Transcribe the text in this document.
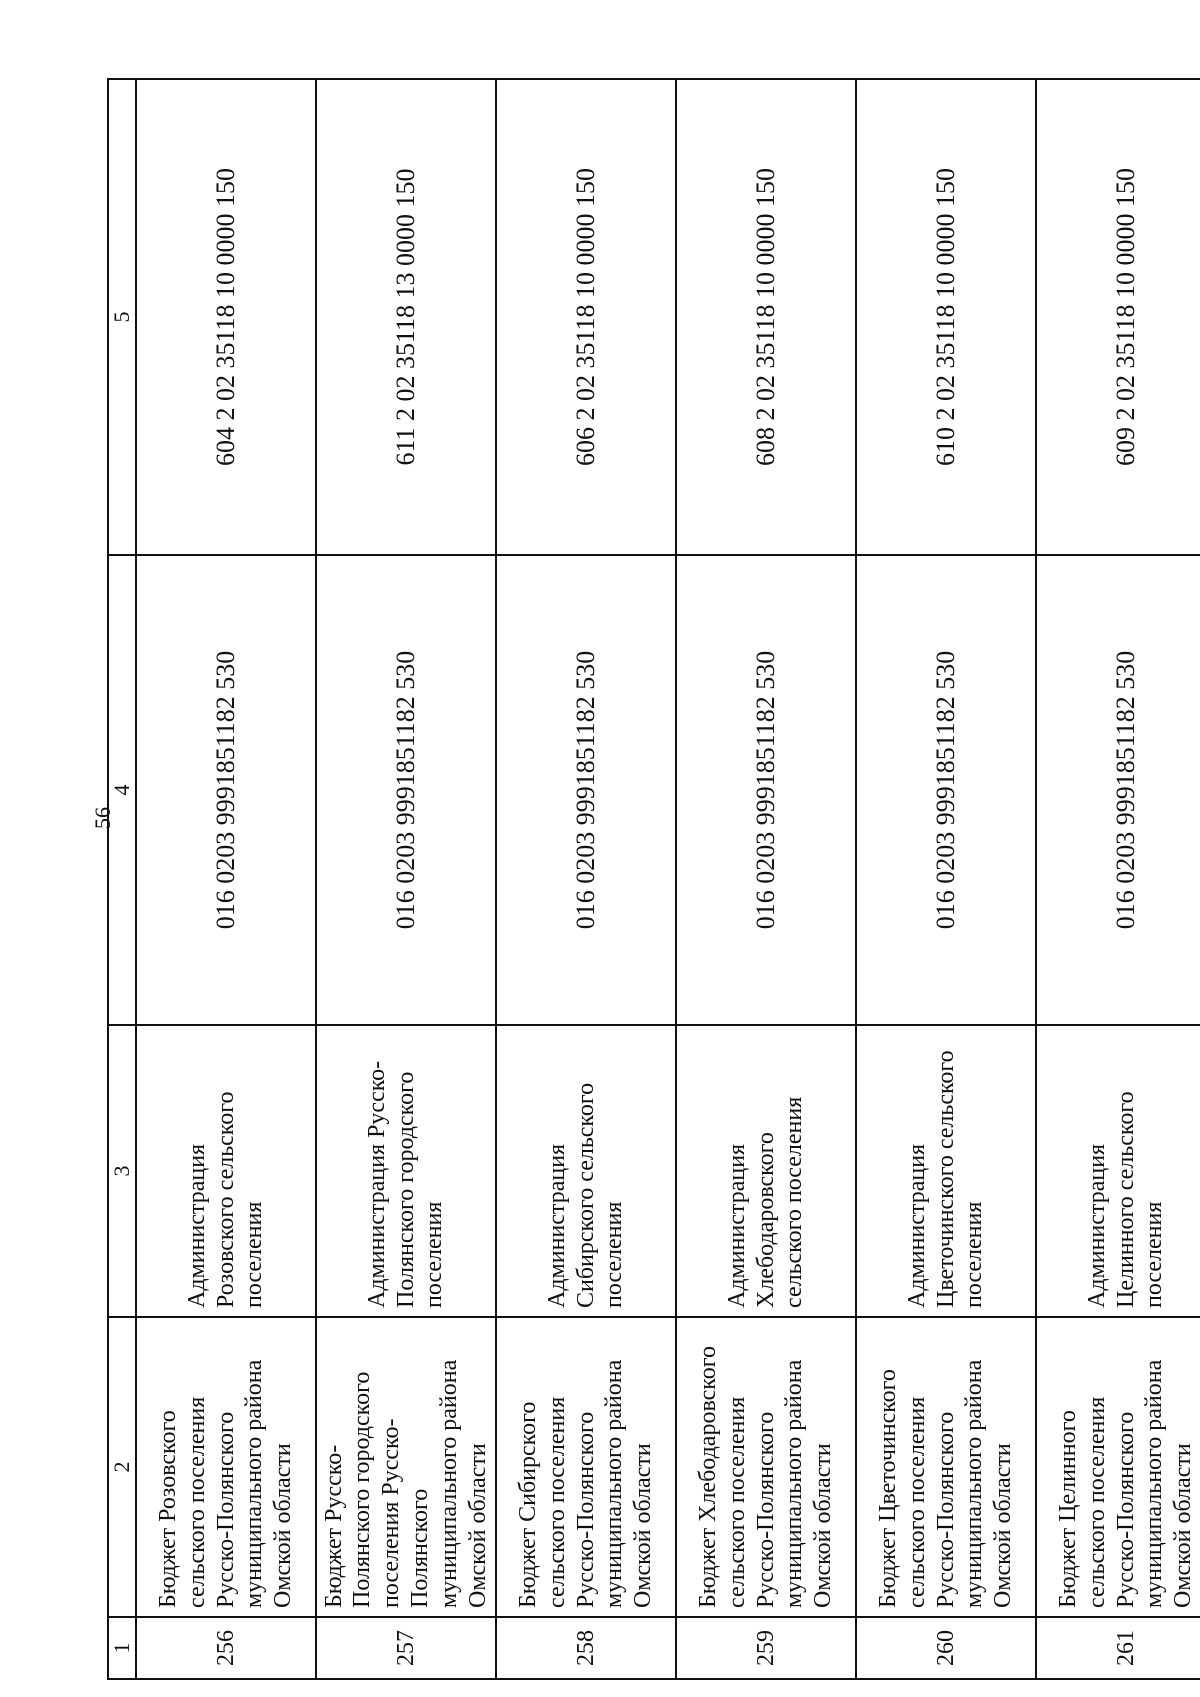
56
1	2	3	4	5
256	Бюджет Розовского сельского поселения Русско-Полянского муниципального района Омской области	Администрация Розовского сельского поселения	016 0203 9991851182 530	604 2 02 35118 10 0000 150
257	Бюджет Русско-Полянского городского поселения Русско-Полянского муниципального района Омской области	Администрация Русско-Полянского городского поселения	016 0203 9991851182 530	611 2 02 35118 13 0000 150
258	Бюджет Сибирского сельского поселения Русско-Полянского муниципального района Омской области	Администрация Сибирского сельского поселения	016 0203 9991851182 530	606 2 02 35118 10 0000 150
259	Бюджет Хлебодаровского сельского поселения Русско-Полянского муниципального района Омской области	Администрация Хлебодаровского сельского поселения	016 0203 9991851182 530	608 2 02 35118 10 0000 150
260	Бюджет Цветочинского сельского поселения Русско-Полянского муниципального района Омской области	Администрация Цветочинского сельского поселения	016 0203 9991851182 530	610 2 02 35118 10 0000 150
261	Бюджет Целинного сельского поселения Русско-Полянского муниципального района Омской области	Администрация Целинного сельского поселения	016 0203 9991851182 530	609 2 02 35118 10 0000 150
